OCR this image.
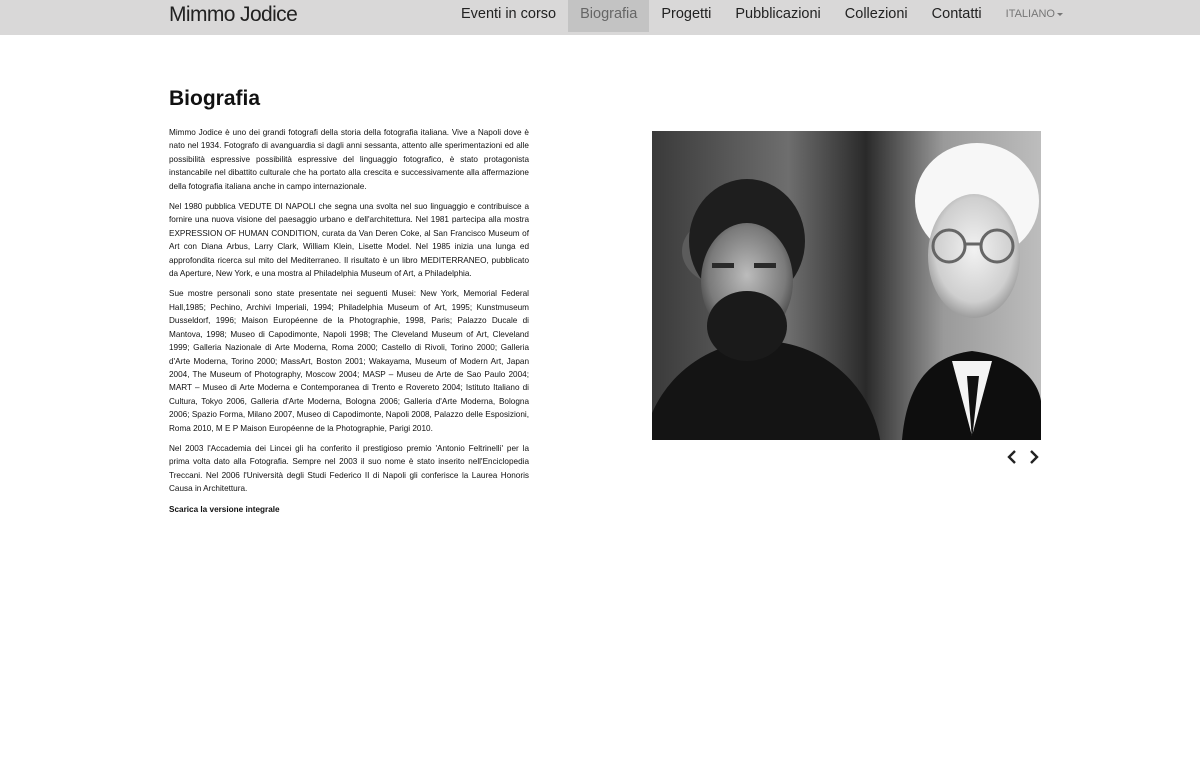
Mimmo Jodice	Eventi in corso	Biografia	Progetti	Pubblicazioni	Collezioni	Contatti	ITALIANO
Biografia

Mimmo Jodice è uno dei grandi fotografi della storia della fotografia italiana. Vive a Napoli dove è nato nel 1934. Fotografo di avanguardia si dagli anni sessanta, attento alle sperimentazioni ed alle possibilità espressive possibilità espressive del linguaggio fotografico, è stato protagonista instancabile nel dibattito culturale che ha portato alla crescita e successivamente alla affermazione della fotografia italiana anche in campo internazionale.

Nel 1980 pubblica VEDUTE DI NAPOLI che segna una svolta nel suo linguaggio e contribuisce a fornire una nuova visione del paesaggio urbano e dell'architettura. Nel 1981 partecipa alla mostra EXPRESSION OF HUMAN CONDITION, curata da Van Deren Coke, al San Francisco Museum of Art con Diana Arbus, Larry Clark, William Klein, Lisette Model. Nel 1985 inizia una lunga ed approfondita ricerca sul mito del Mediterraneo. Il risultato è un libro MEDITERRANEO, pubblicato da Aperture, New York, e una mostra al Philadelphia Museum of Art, a Philadelphia.

Sue mostre personali sono state presentate nei seguenti Musei: New York, Memorial Federal Hall,1985; Pechino, Archivi Imperiali, 1994; Philadelphia Museum of Art, 1995; Kunstmuseum Dusseldorf, 1996; Maison Européenne de la Photographie, 1998, Paris; Palazzo Ducale di Mantova, 1998; Museo di Capodimonte, Napoli 1998; The Cleveland Museum of Art, Cleveland 1999; Galleria Nazionale di Arte Moderna, Roma 2000; Castello di Rivoli, Torino 2000; Galleria d'Arte Moderna, Torino 2000; MassArt, Boston 2001; Wakayama, Museum of Modern Art, Japan 2004, The Museum of Photography, Moscow 2004; MASP – Museu de Arte de Sao Paulo 2004; MART – Museo di Arte Moderna e Contemporanea di Trento e Rovereto 2004; Istituto Italiano di Cultura, Tokyo 2006, Galleria d'Arte Moderna, Bologna 2006; Galleria d'Arte Moderna, Bologna 2006; Spazio Forma, Milano 2007, Museo di Capodimonte, Napoli 2008, Palazzo delle Esposizioni, Roma 2010, M E P Maison Européenne de la Photographie, Parigi 2010.

Nel 2003 l'Accademia dei Lincei gli ha conferito il prestigioso premio 'Antonio Feltrinelli' per la prima volta dato alla Fotografia. Sempre nel 2003 il suo nome è stato inserito nell'Enciclopedia Treccani. Nel 2006 l'Università degli Studi Federico II di Napoli gli conferisce la Laurea Honoris Causa in Architettura.

Scarica la versione integrale
